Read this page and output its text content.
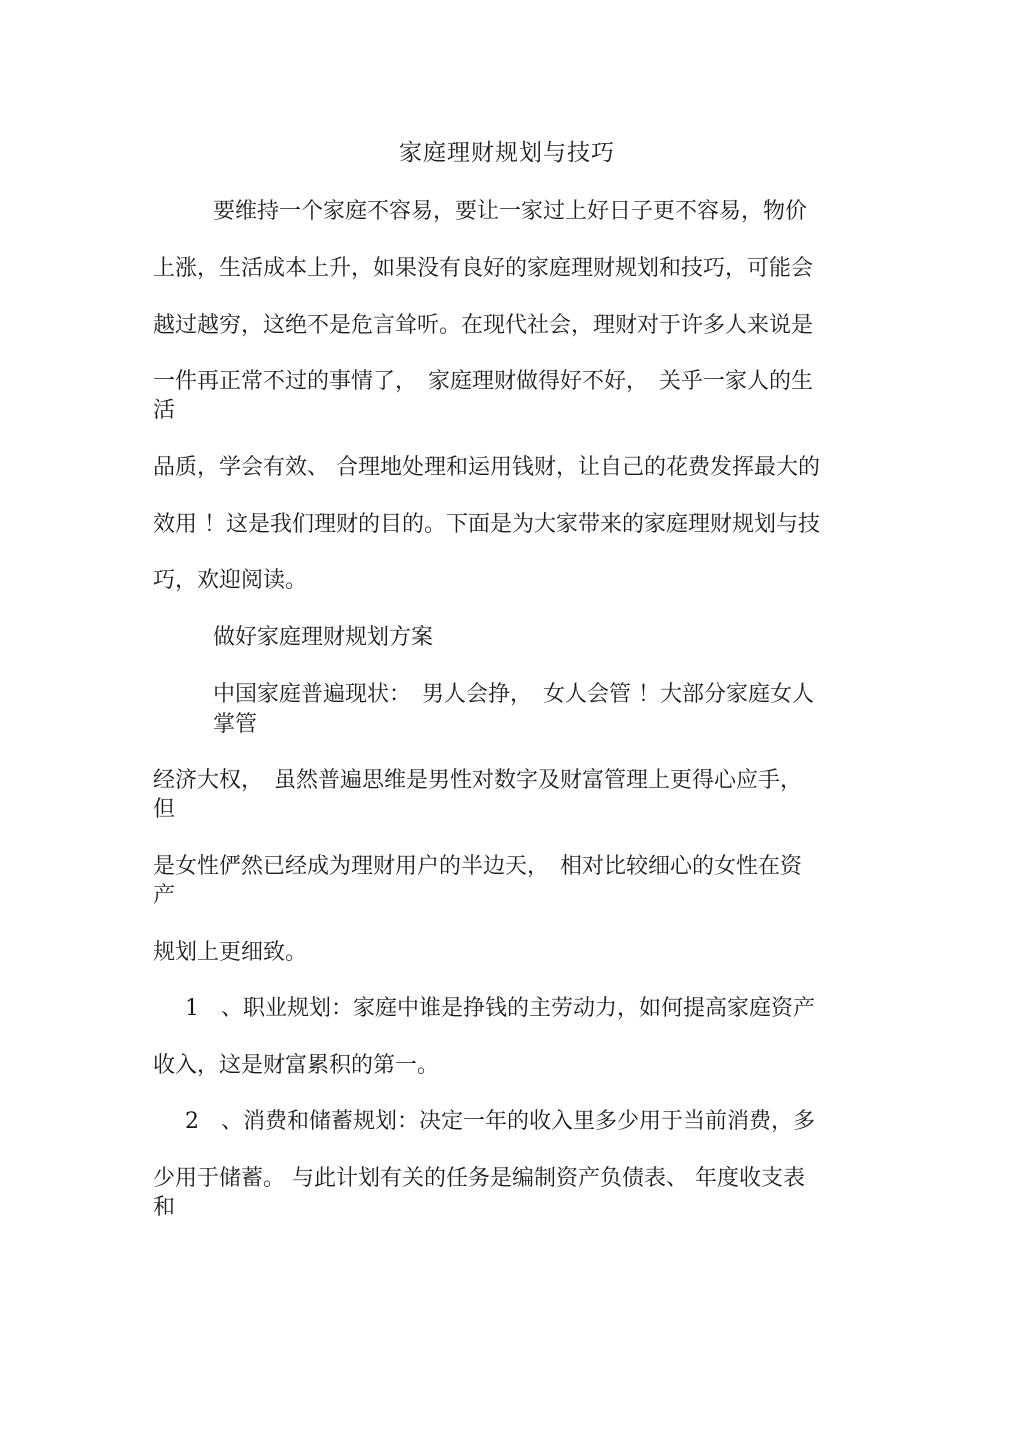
家庭理财规划与技巧
要维持一个家庭不容易，要让一家过上好日子更不容易，物价
上涨，生活成本上升，如果没有良好的家庭理财规划和技巧，可能会
越过越穷，这绝不是危言耸听。在现代社会，理财对于许多人来说是
一件再正常不过的事情了，　家庭理财做得好不好，　关乎一家人的生
活
品质，学会有效、 合理地处理和运用钱财，让自己的花费发挥最大的
效用 ！这是我们理财的目的。下面是为大家带来的家庭理财规划与技
巧，欢迎阅读。
做好家庭理财规划方案
中国家庭普遍现状：　男人会挣，　女人会管 ！大部分家庭女人
掌管
经济大权，　虽然普遍思维是男性对数字及财富管理上更得心应手，
但
是女性俨然已经成为理财用户的半边天，　相对比较细心的女性在资
产
规划上更细致。
1　、职业规划：家庭中谁是挣钱的主劳动力，如何提高家庭资产
收入，这是财富累积的第一。
2　、消费和储蓄规划：决定一年的收入里多少用于当前消费，多
少用于储蓄。 与此计划有关的任务是编制资产负债表、 年度收支表
和
